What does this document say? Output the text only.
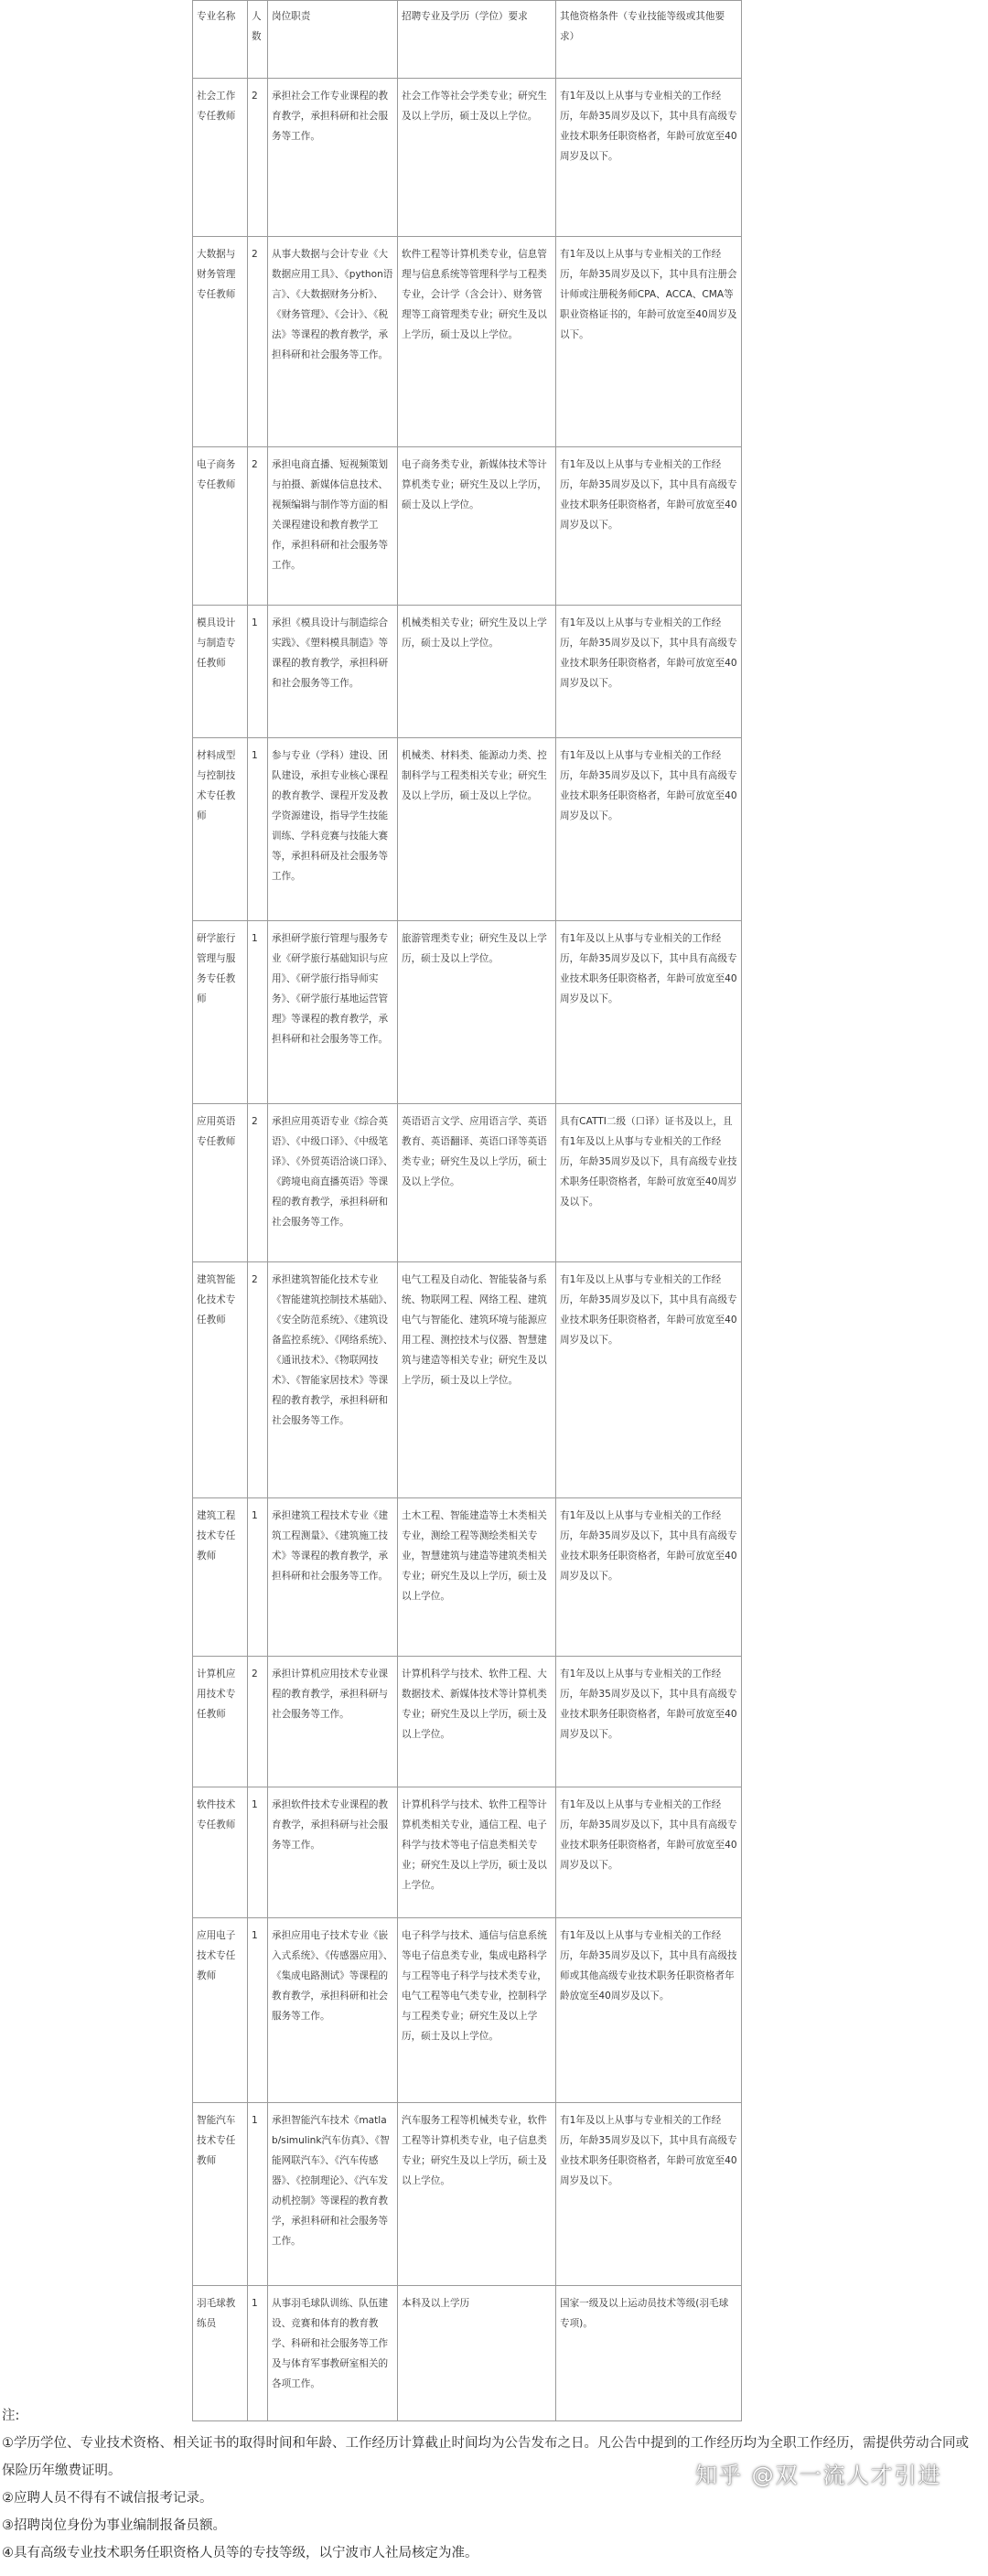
专业名称	人数	岗位职责	招聘专业及学历（学位）要求	其他资格条件（专业技能等级或其他要求）
社会工作专任教师	2	承担社会工作专业课程的教育教学，承担科研和社会服务等工作。	社会工作等社会学类专业；研究生及以上学历，硕士及以上学位。	有1年及以上从事与专业相关的工作经历，年龄35周岁及以下，其中具有高级专业技术职务任职资格者，年龄可放宽至40周岁及以下。
大数据与财务管理专任教师	2	从事大数据与会计专业《大数据应用工具》、《python语言》、《大数据财务分析》、《财务管理》、《会计》、《税法》等课程的教育教学，承担科研和社会服务等工作。	软件工程等计算机类专业，信息管理与信息系统等管理科学与工程类专业，会计学（含会计）、财务管理等工商管理类专业；研究生及以上学历，硕士及以上学位。	有1年及以上从事与专业相关的工作经历，年龄35周岁及以下，其中具有注册会计师或注册税务师CPA、ACCA、CMA等职业资格证书的，年龄可放宽至40周岁及以下。
电子商务专任教师	2	承担电商直播、短视频策划与拍摄、新媒体信息技术、视频编辑与制作等方面的相关课程建设和教育教学工作，承担科研和社会服务等工作。	电子商务类专业，新媒体技术等计算机类专业；研究生及以上学历，硕士及以上学位。	有1年及以上从事与专业相关的工作经历，年龄35周岁及以下，其中具有高级专业技术职务任职资格者，年龄可放宽至40周岁及以下。
模具设计与制造专任教师	1	承担《模具设计与制造综合实践》、《塑料模具制造》等课程的教育教学，承担科研和社会服务等工作。	机械类相关专业；研究生及以上学历，硕士及以上学位。	有1年及以上从事与专业相关的工作经历，年龄35周岁及以下，其中具有高级专业技术职务任职资格者，年龄可放宽至40周岁及以下。
材料成型与控制技术专任教师	1	参与专业（学科）建设、团队建设，承担专业核心课程的教育教学、课程开发及教学资源建设，指导学生技能训练、学科竞赛与技能大赛等，承担科研及社会服务等工作。	机械类、材料类、能源动力类、控制科学与工程类相关专业；研究生及以上学历，硕士及以上学位。	有1年及以上从事与专业相关的工作经历，年龄35周岁及以下，其中具有高级专业技术职务任职资格者，年龄可放宽至40周岁及以下。
研学旅行管理与服务专任教师	1	承担研学旅行管理与服务专业《研学旅行基础知识与应用》、《研学旅行指导师实务》、《研学旅行基地运营管理》等课程的教育教学，承担科研和社会服务等工作。	旅游管理类专业；研究生及以上学历，硕士及以上学位。	有1年及以上从事与专业相关的工作经历，年龄35周岁及以下，其中具有高级专业技术职务任职资格者，年龄可放宽至40周岁及以下。
应用英语专任教师	2	承担应用英语专业《综合英语》、《中级口译》、《中级笔译》、《外贸英语洽谈口译》、《跨境电商直播英语》等课程的教育教学，承担科研和社会服务等工作。	英语语言文学、应用语言学、英语教育、英语翻译、英语口译等英语类专业；研究生及以上学历，硕士及以上学位。	具有CATTI二级（口译）证书及以上，且有1年及以上从事与专业相关的工作经历，年龄35周岁及以下，具有高级专业技术职务任职资格者，年龄可放宽至40周岁及以下。
建筑智能化技术专任教师	2	承担建筑智能化技术专业《智能建筑控制技术基础》、《安全防范系统》、《建筑设备监控系统》、《网络系统》、《通讯技术》、《物联网技术》、《智能家居技术》等课程的教育教学，承担科研和社会服务等工作。	电气工程及自动化、智能装备与系统、物联网工程、网络工程、建筑电气与智能化、建筑环境与能源应用工程、测控技术与仪器、智慧建筑与建造等相关专业；研究生及以上学历，硕士及以上学位。	有1年及以上从事与专业相关的工作经历，年龄35周岁及以下，其中具有高级专业技术职务任职资格者，年龄可放宽至40周岁及以下。
建筑工程技术专任教师	1	承担建筑工程技术专业《建筑工程测量》、《建筑施工技术》等课程的教育教学，承担科研和社会服务等工作。	土木工程、智能建造等土木类相关专业，测绘工程等测绘类相关专业，智慧建筑与建造等建筑类相关专业；研究生及以上学历，硕士及以上学位。	有1年及以上从事与专业相关的工作经历，年龄35周岁及以下，其中具有高级专业技术职务任职资格者，年龄可放宽至40周岁及以下。
计算机应用技术专任教师	2	承担计算机应用技术专业课程的教育教学，承担科研与社会服务等工作。	计算机科学与技术、软件工程、大数据技术、新媒体技术等计算机类专业；研究生及以上学历，硕士及以上学位。	有1年及以上从事与专业相关的工作经历，年龄35周岁及以下，其中具有高级专业技术职务任职资格者，年龄可放宽至40周岁及以下。
软件技术专任教师	1	承担软件技术专业课程的教育教学，承担科研与社会服务等工作。	计算机科学与技术、软件工程等计算机类相关专业，通信工程、电子科学与技术等电子信息类相关专业；研究生及以上学历，硕士及以上学位。	有1年及以上从事与专业相关的工作经历，年龄35周岁及以下，其中具有高级专业技术职务任职资格者，年龄可放宽至40周岁及以下。
应用电子技术专任教师	1	承担应用电子技术专业《嵌入式系统》、《传感器应用》、《集成电路测试》等课程的教育教学，承担科研和社会服务等工作。	电子科学与技术、通信与信息系统等电子信息类专业，集成电路科学与工程等电子科学与技术类专业，电气工程等电气类专业，控制科学与工程类专业；研究生及以上学历，硕士及以上学位。	有1年及以上从事与专业相关的工作经历，年龄35周岁及以下，其中具有高级技师或其他高级专业技术职务任职资格者年龄放宽至40周岁及以下。
智能汽车技术专任教师	1	承担智能汽车技术《matlab/simulink汽车仿真》、《智能网联汽车》、《汽车传感器》、《控制理论》、《汽车发动机控制》等课程的教育教学，承担科研和社会服务等工作。	汽车服务工程等机械类专业，软件工程等计算机类专业，电子信息类专业；研究生及以上学历，硕士及以上学位。	有1年及以上从事与专业相关的工作经历，年龄35周岁及以下，其中具有高级专业技术职务任职资格者，年龄可放宽至40周岁及以下。
羽毛球教练员	1	从事羽毛球队训练、队伍建设、竞赛和体育的教育教学、科研和社会服务等工作及与体育军事教研室相关的各项工作。	本科及以上学历	国家一级及以上运动员技术等级(羽毛球专项)。
注:
①学历学位、专业技术资格、相关证书的取得时间和年龄、工作经历计算截止时间均为公告发布之日。凡公告中提到的工作经历均为全职工作经历，需提供劳动合同或
保险历年缴费证明。
②应聘人员不得有不诚信报考记录。
③招聘岗位身份为事业编制报备员额。
④具有高级专业技术职务任职资格人员等的专技等级，以宁波市人社局核定为准。
知乎 @双一流人才引进
